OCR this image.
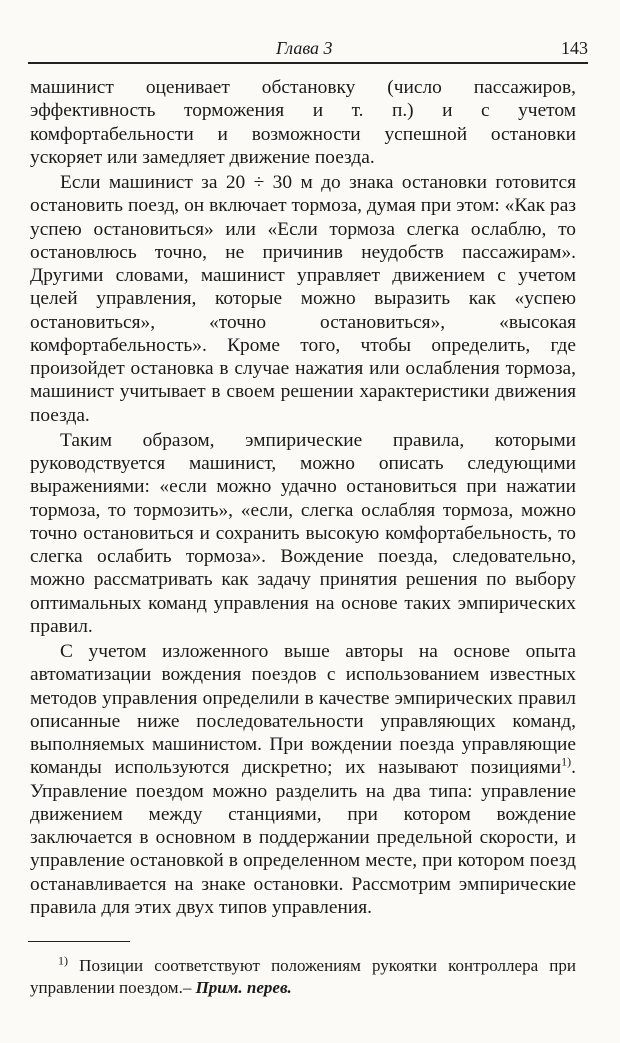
Глава 3	143

машинист оценивает обстановку (число пассажиров, эффективность торможения и т. п.) и с учетом комфортабельности и возможности успешной остановки ускоряет или замедляет движение поезда.

Если машинист за 20 ÷ 30 м до знака остановки готовится остановить поезд, он включает тормоза, думая при этом: «Как раз успею остановиться» или «Если тормоза слегка ослаблю, то остановлюсь точно, не причинив неудобств пассажирам». Другими словами, машинист управляет движением с учетом целей управления, которые можно выразить как «успею остановиться», «точно остановиться», «высокая комфортабельность». Кроме того, чтобы определить, где произойдет остановка в случае нажатия или ослабления тормоза, машинист учитывает в своем решении характеристики движения поезда.

Таким образом, эмпирические правила, которыми руководствуется машинист, можно описать следующими выражениями: «если можно удачно остановиться при нажатии тормоза, то тормозить», «если, слегка ослабляя тормоза, можно точно остановиться и сохранить высокую комфортабельность, то слегка ослабить тормоза». Вождение поезда, следовательно, можно рассматривать как задачу принятия решения по выбору оптимальных команд управления на основе таких эмпирических правил.

С учетом изложенного выше авторы на основе опыта автоматизации вождения поездов с использованием известных методов управления определили в качестве эмпирических правил описанные ниже последовательности управляющих команд, выполняемых машинистом. При вождении поезда управляющие команды используются дискретно; их называют позициями$^{1)}$. Управление поездом можно разделить на два типа: управление движением между станциями, при котором вождение заключается в основном в поддержании предельной скорости, и управление остановкой в определенном месте, при котором поезд останавливается на знаке остановки. Рассмотрим эмпирические правила для этих двух типов управления.

$^{1)}$ Позиции соответствуют положениям рукоятки контроллера при управлении поездом.– Прим. перев.
